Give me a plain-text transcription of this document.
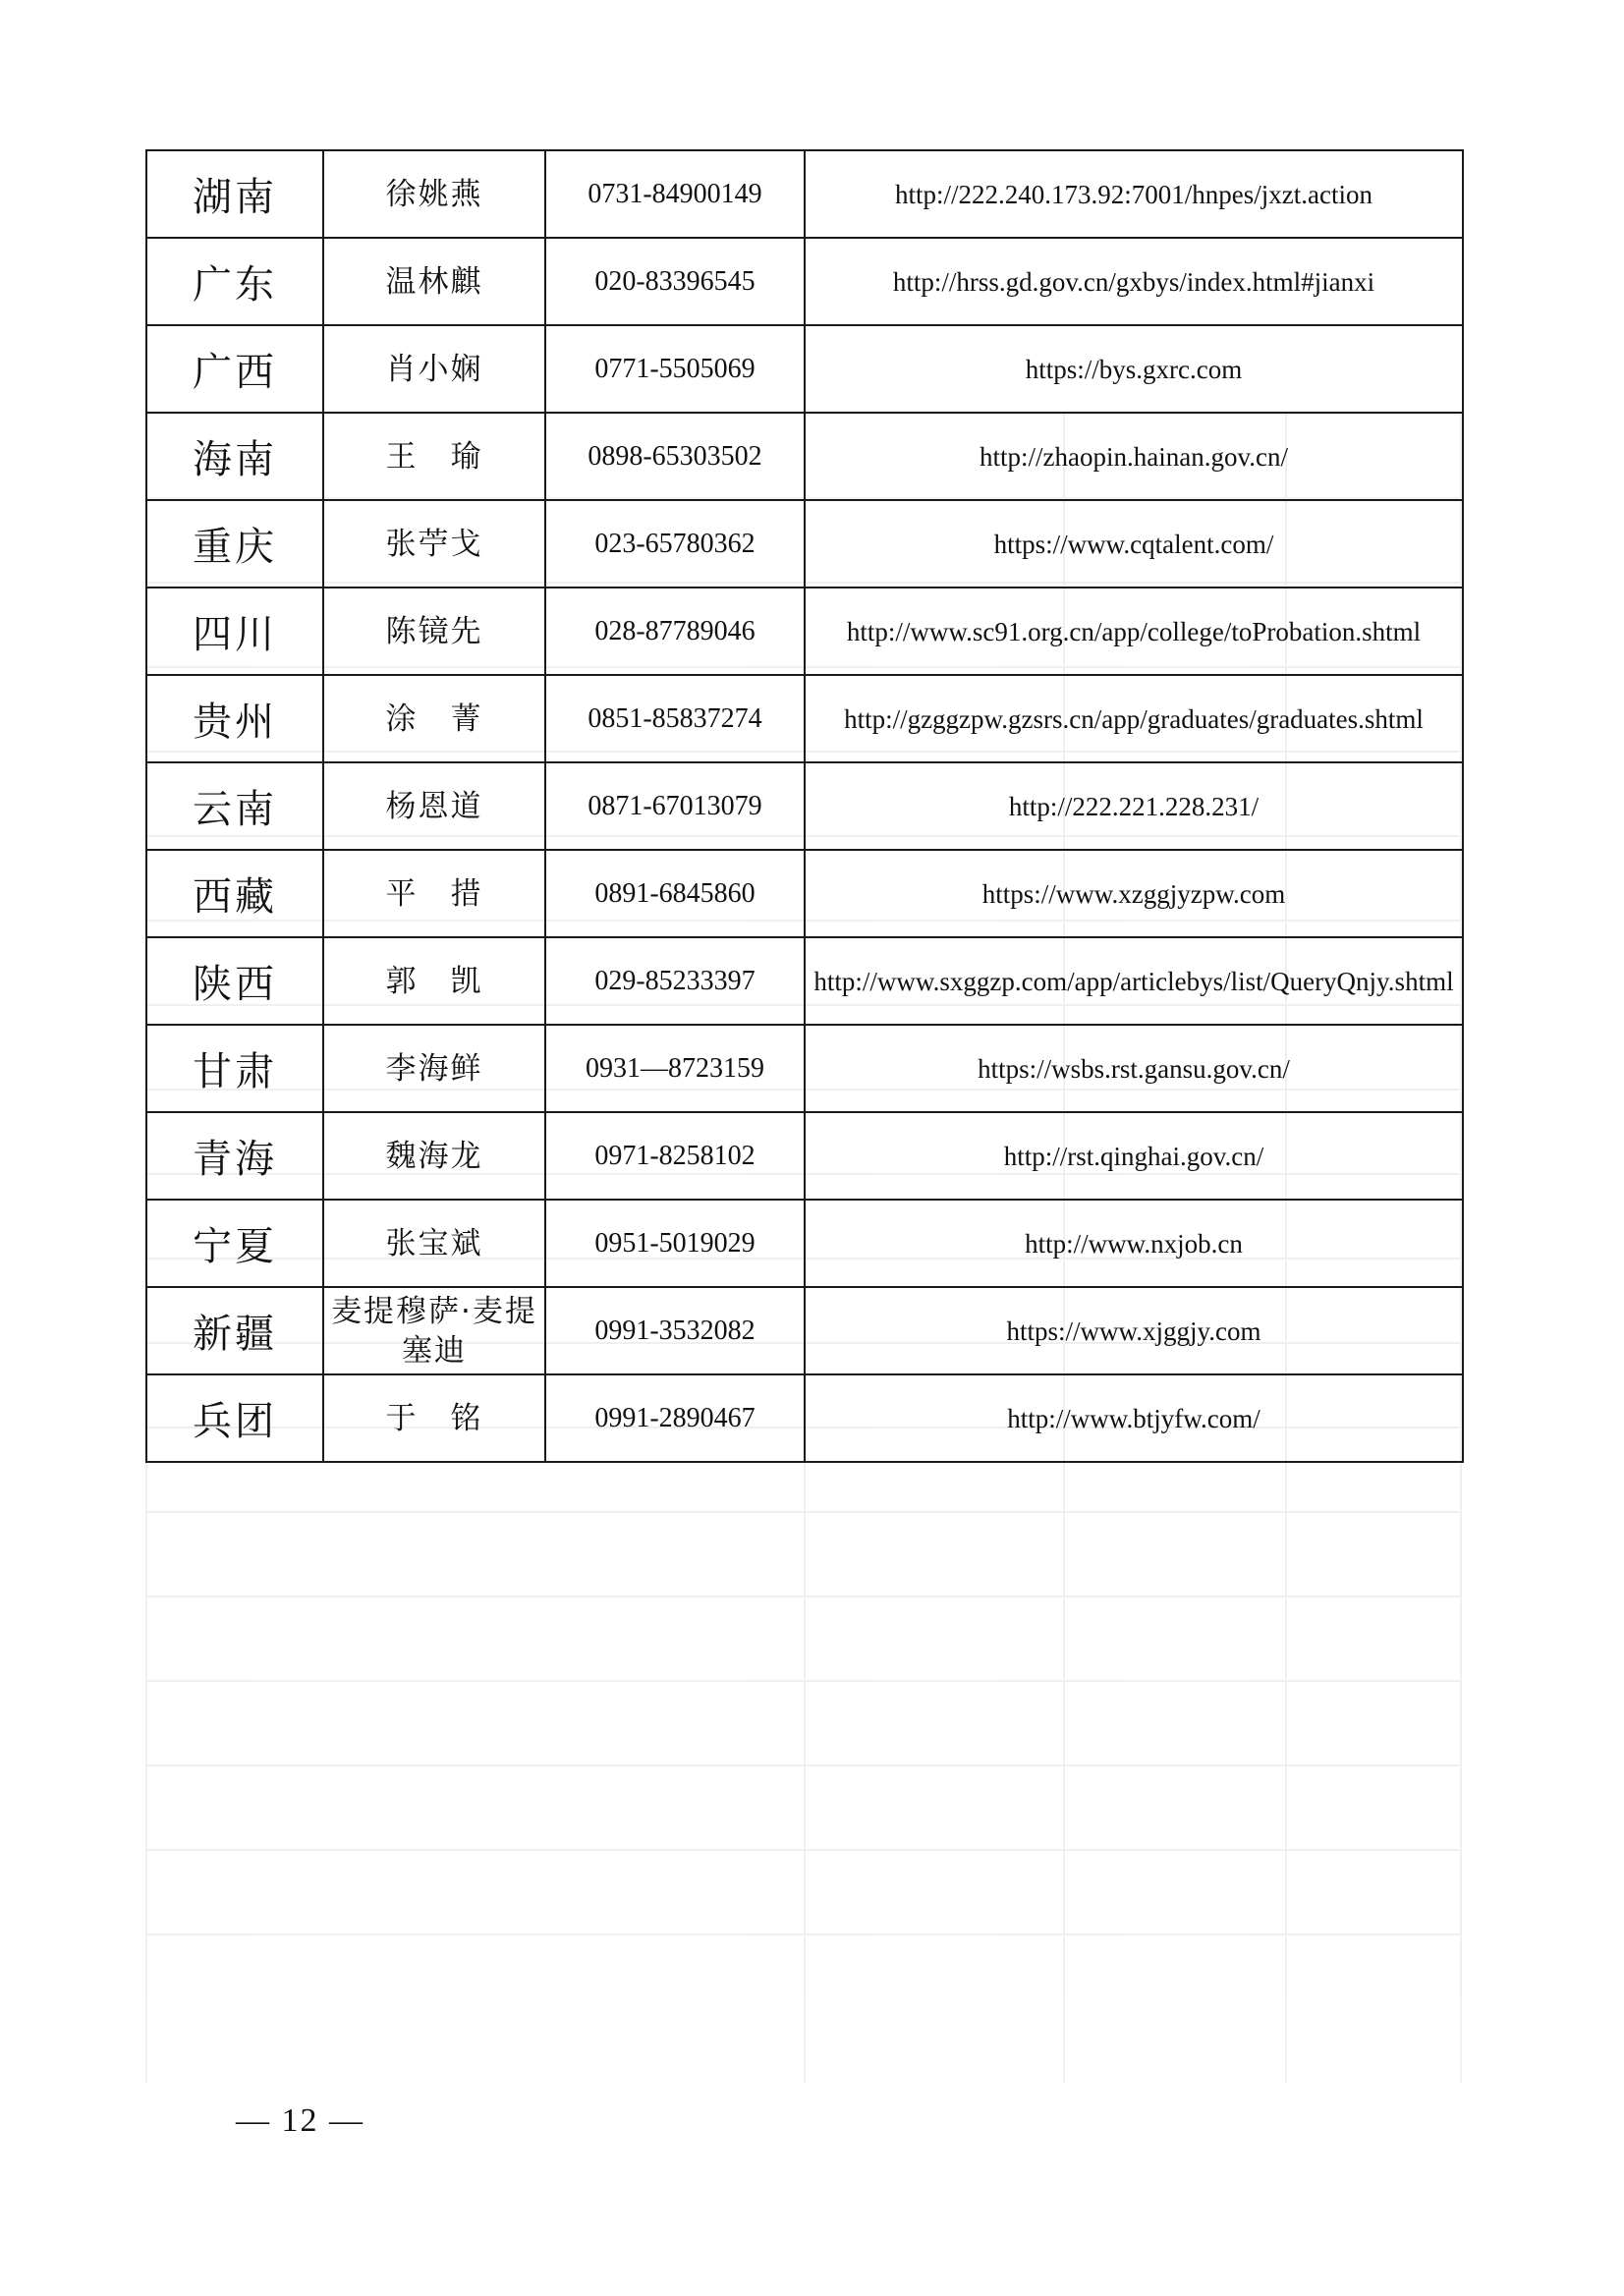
湖南	徐姚燕	0731-84900149	http://222.240.173.92:7001/hnpes/jxzt.action
广东	温林麒	020-83396545	http://hrss.gd.gov.cn/gxbys/index.html#jianxi
广西	肖小娴	0771-5505069	https://bys.gxrc.com
海南	王　瑜	0898-65303502	http://zhaopin.hainan.gov.cn/
重庆	张苧戈	023-65780362	https://www.cqtalent.com/
四川	陈镜先	028-87789046	http://www.sc91.org.cn/app/college/toProbation.shtml
贵州	涂　菁	0851-85837274	http://gzggzpw.gzsrs.cn/app/graduates/graduates.shtml
云南	杨恩道	0871-67013079	http://222.221.228.231/
西藏	平　措	0891-6845860	https://www.xzggjyzpw.com
陕西	郭　凯	029-85233397	http://www.sxggzp.com/app/articlebys/list/QueryQnjy.shtml
甘肃	李海鲜	0931—8723159	https://wsbs.rst.gansu.gov.cn/
青海	魏海龙	0971-8258102	http://rst.qinghai.gov.cn/
宁夏	张宝斌	0951-5019029	http://www.nxjob.cn
新疆	麦提穆萨·麦提塞迪	0991-3532082	https://www.xjggjy.com
兵团	于　铭	0991-2890467	http://www.btjyfw.com/
— 12 —
